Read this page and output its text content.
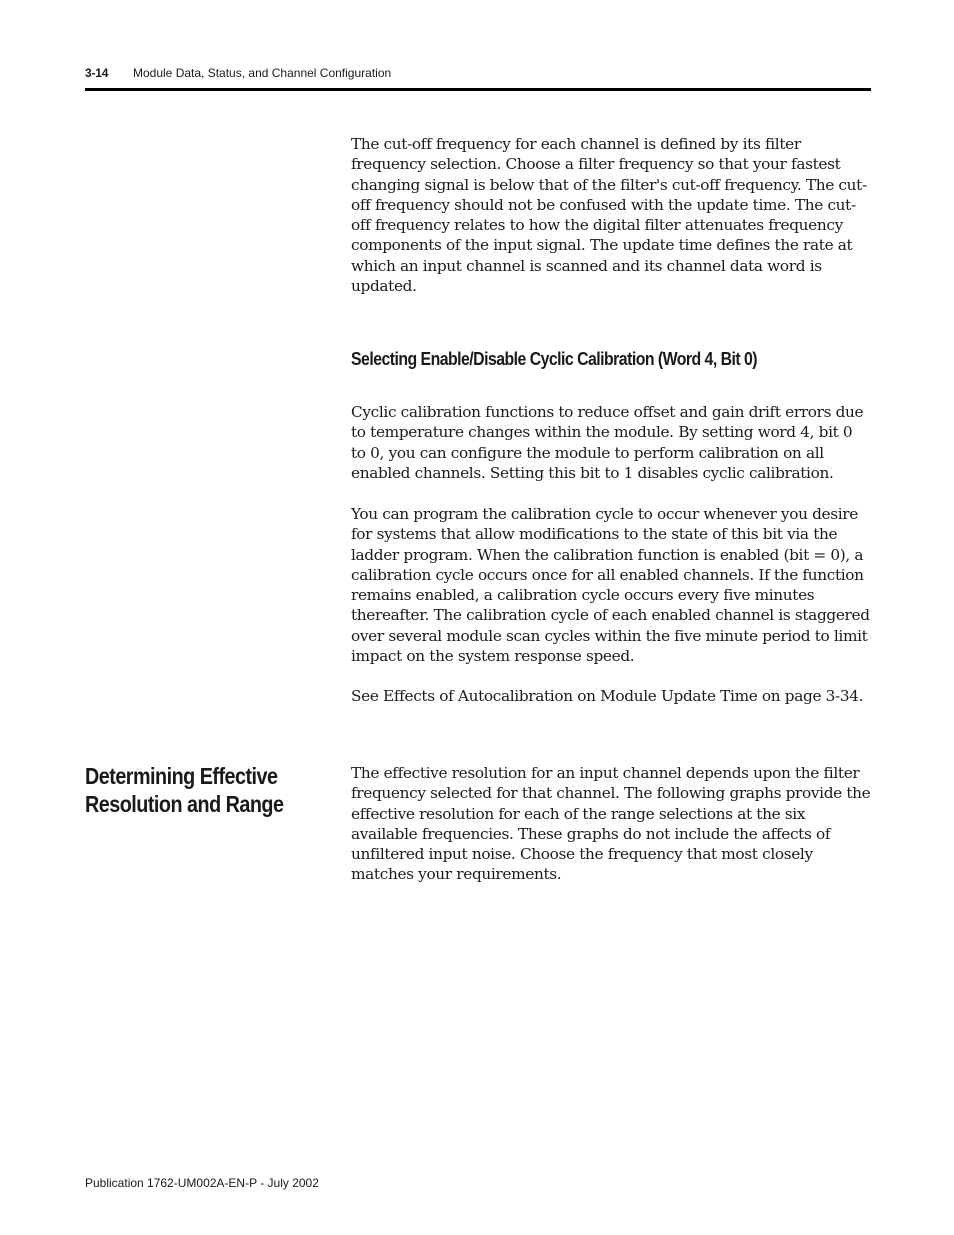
3-14 Module Data, Status, and Channel Configuration

The cut-off frequency for each channel is defined by its filter frequency selection. Choose a filter frequency so that your fastest changing signal is below that of the filter's cut-off frequency. The cut-off frequency should not be confused with the update time. The cut-off frequency relates to how the digital filter attenuates frequency components of the input signal. The update time defines the rate at which an input channel is scanned and its channel data word is updated.

Selecting Enable/Disable Cyclic Calibration (Word 4, Bit 0)

Cyclic calibration functions to reduce offset and gain drift errors due to temperature changes within the module. By setting word 4, bit 0 to 0, you can configure the module to perform calibration on all enabled channels. Setting this bit to 1 disables cyclic calibration.

You can program the calibration cycle to occur whenever you desire for systems that allow modifications to the state of this bit via the ladder program. When the calibration function is enabled (bit = 0), a calibration cycle occurs once for all enabled channels. If the function remains enabled, a calibration cycle occurs every five minutes thereafter. The calibration cycle of each enabled channel is staggered over several module scan cycles within the five minute period to limit impact on the system response speed.

See Effects of Autocalibration on Module Update Time on page 3-34.

Determining Effective Resolution and Range

The effective resolution for an input channel depends upon the filter frequency selected for that channel. The following graphs provide the effective resolution for each of the range selections at the six available frequencies. These graphs do not include the affects of unfiltered input noise. Choose the frequency that most closely matches your requirements.

Publication 1762-UM002A-EN-P - July 2002
